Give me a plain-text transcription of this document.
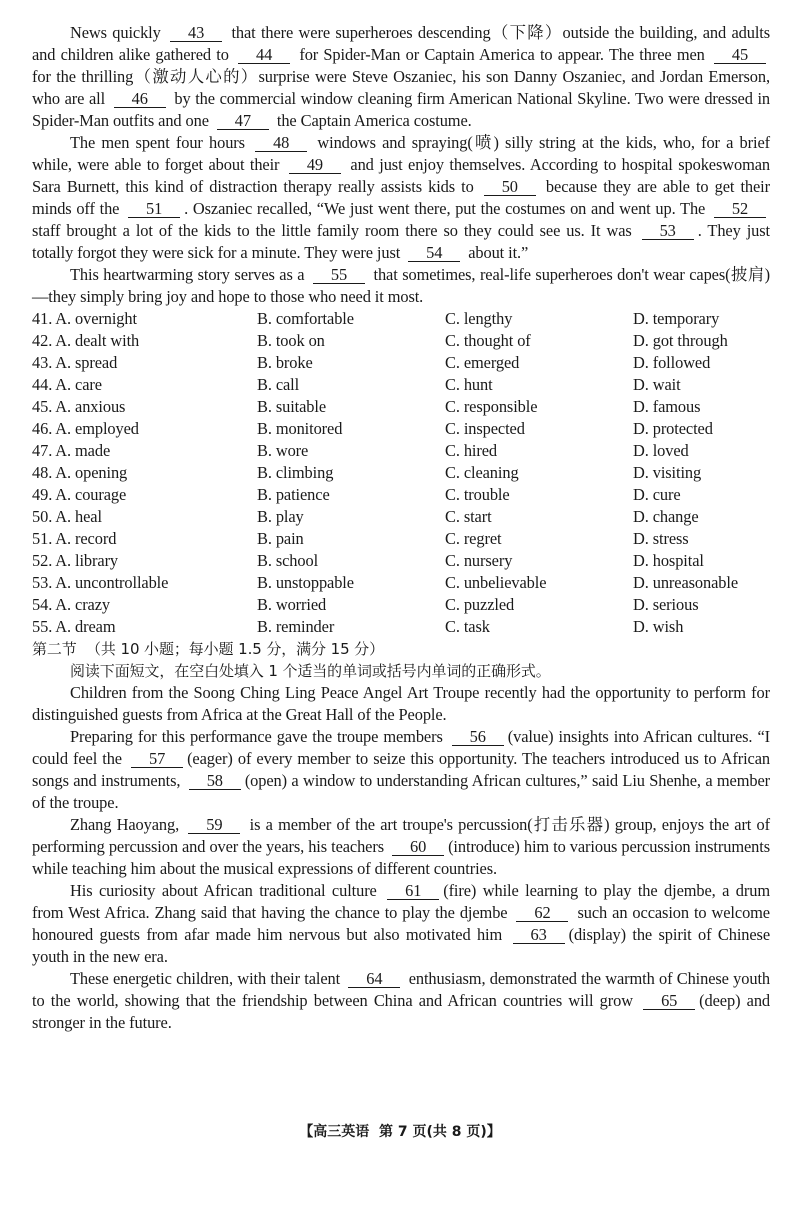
News quickly 43 that there were superheroes descending（下降）outside the building, and adults and children alike gathered to 44 for Spider-Man or Captain America to appear. The three men 45 for the thrilling（激动人心的）surprise were Steve Oszaniec, his son Danny Oszaniec, and Jordan Emerson, who are all 46 by the commercial window cleaning firm American National Skyline. Two were dressed in Spider-Man outfits and one 47 the Captain America costume.

The men spent four hours 48 windows and spraying(喷) silly string at the kids, who, for a brief while, were able to forget about their 49 and just enjoy themselves. According to hospital spokeswoman Sara Burnett, this kind of distraction therapy really assists kids to 50 because they are able to get their minds off the 51 . Oszaniec recalled, “We just went there, put the costumes on and went up. The 52 staff brought a lot of the kids to the little family room there so they could see us. It was 53 . They just totally forgot they were sick for a minute. They were just 54 about it.”

This heartwarming story serves as a 55 that sometimes, real-life superheroes don't wear capes(披肩)—they simply bring joy and hope to those who need it most.

41. A. overnight	B. comfortable	C. lengthy	D. temporary
42. A. dealt with	B. took on	C. thought of	D. got through
43. A. spread	B. broke	C. emerged	D. followed
44. A. care	B. call	C. hunt	D. wait
45. A. anxious	B. suitable	C. responsible	D. famous
46. A. employed	B. monitored	C. inspected	D. protected
47. A. made	B. wore	C. hired	D. loved
48. A. opening	B. climbing	C. cleaning	D. visiting
49. A. courage	B. patience	C. trouble	D. cure
50. A. heal	B. play	C. start	D. change
51. A. record	B. pain	C. regret	D. stress
52. A. library	B. school	C. nursery	D. hospital
53. A. uncontrollable	B. unstoppable	C. unbelievable	D. unreasonable
54. A. crazy	B. worried	C. puzzled	D. serious
55. A. dream	B. reminder	C. task	D. wish

第二节  （共 10 小题；每小题 1.5 分，满分 15 分）

阅读下面短文，在空白处填入 1 个适当的单词或括号内单词的正确形式。

Children from the Soong Ching Ling Peace Angel Art Troupe recently had the opportunity to perform for distinguished guests from Africa at the Great Hall of the People.

Preparing for this performance gave the troupe members 56 (value) insights into African cultures. “I could feel the 57 (eager) of every member to seize this opportunity. The teachers introduced us to African songs and instruments, 58 (open) a window to understanding African cultures,” said Liu Shenhe, a member of the troupe.

Zhang Haoyang, 59 is a member of the art troupe's percussion(打击乐器) group, enjoys the art of performing percussion and over the years, his teachers 60 (introduce) him to various percussion instruments while teaching him about the musical expressions of different countries.

His curiosity about African traditional culture 61 (fire) while learning to play the djembe, a drum from West Africa. Zhang said that having the chance to play the djembe 62 such an occasion to welcome honoured guests from afar made him nervous but also motivated him 63 (display) the spirit of Chinese youth in the new era.

These energetic children, with their talent 64 enthusiasm, demonstrated the warmth of Chinese youth to the world, showing that the friendship between China and African countries will grow 65 (deep) and stronger in the future.

【高三英语  第 7 页(共 8 页)】
